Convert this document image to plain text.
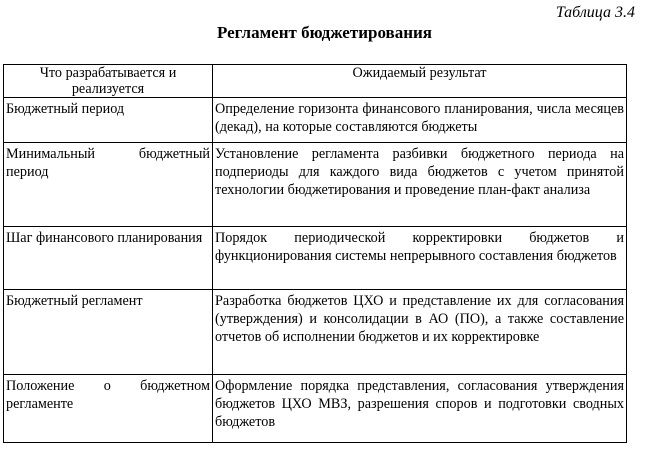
Таблица 3.4
Регламент бюджетирования
Что разрабатывается и реализуется	Ожидаемый результат
Бюджетный период	Определение горизонта финансового планирования, числа месяцев (декад), на которые составляются бюджеты
Минимальный бюджетный период	Установление регламента разбивки бюджетного периода на подпериоды для каждого вида бюджетов с учетом принятой технологии бюджетирования и проведение план-факт анализа
Шаг финансового планирования	Порядок периодической корректировки бюджетов и функционирования системы непрерывного составления бюджетов
Бюджетный регламент	Разработка бюджетов ЦХО и представление их для согласования (утверждения) и консолидации в АО (ПО), а также составление отчетов об исполнении бюджетов и их корректировке
Положение о бюджетном регламенте	Оформление порядка представления, согласования утверждения бюджетов ЦХО МВЗ, разрешения споров и подготовки сводных бюджетов
